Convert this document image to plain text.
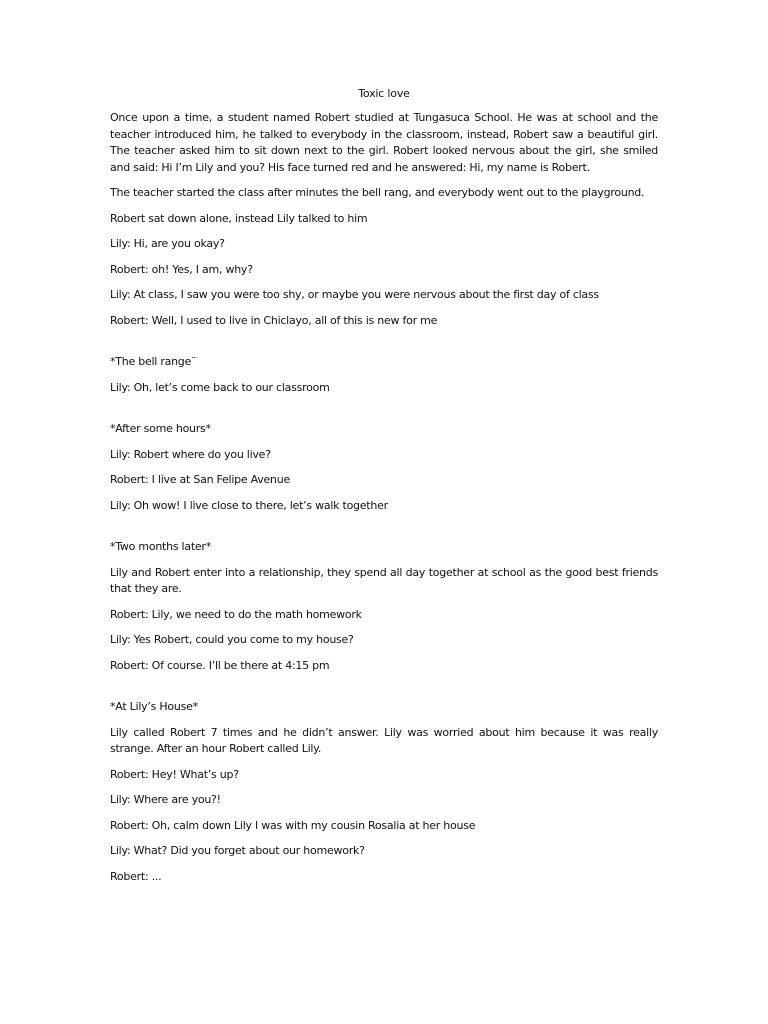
Toxic love

Once upon a time, a student named Robert studied at Tungasuca School. He was at school and the teacher introduced him, he talked to everybody in the classroom, instead, Robert saw a beautiful girl. The teacher asked him to sit down next to the girl. Robert looked nervous about the girl, she smiled and said: Hi I’m Lily and you? His face turned red and he answered: Hi, my name is Robert.

The teacher started the class after minutes the bell rang, and everybody went out to the playground.

Robert sat down alone, instead Lily talked to him

Lily: Hi, are you okay?

Robert: oh! Yes, I am, why?

Lily: At class, I saw you were too shy, or maybe you were nervous about the first day of class

Robert: Well, I used to live in Chiclayo, all of this is new for me

*The bell range¨

Lily: Oh, let’s come back to our classroom

*After some hours*

Lily: Robert where do you live?

Robert: I live at San Felipe Avenue

Lily: Oh wow! I live close to there, let’s walk together

*Two months later*

Lily and Robert enter into a relationship, they spend all day together at school as the good best friends that they are.

Robert: Lily, we need to do the math homework

Lily: Yes Robert, could you come to my house?

Robert: Of course. I’ll be there at 4:15 pm

*At Lily’s House*

Lily called Robert 7 times and he didn’t answer. Lily was worried about him because it was really strange. After an hour Robert called Lily.

Robert: Hey! What’s up?

Lily: Where are you?!

Robert: Oh, calm down Lily I was with my cousin Rosalia at her house

Lily: What? Did you forget about our homework?

Robert: ...
